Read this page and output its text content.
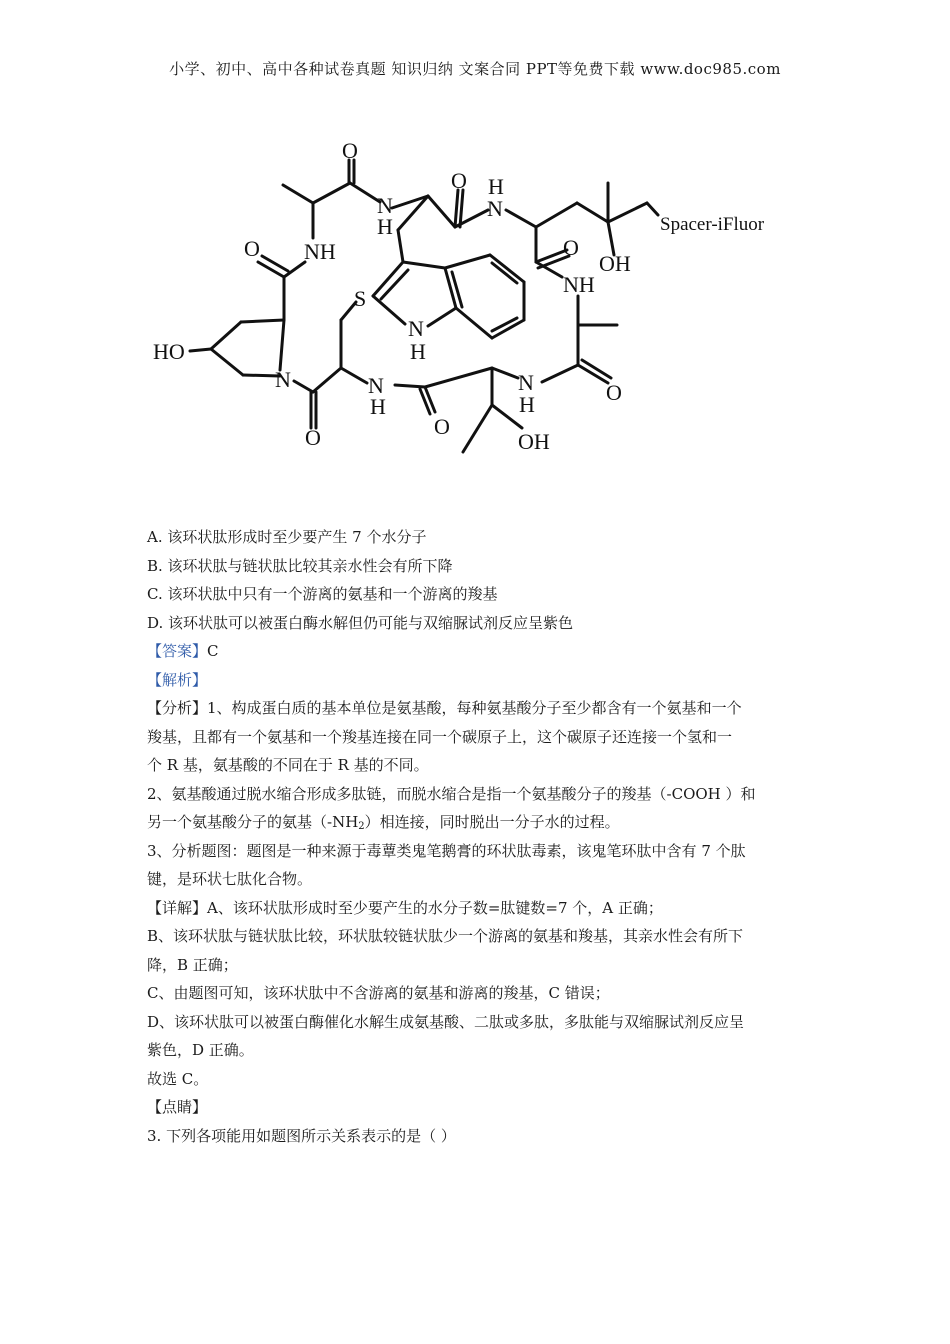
小学、初中、高中各种试卷真题 知识归纳 文案合同 PPT等免费下载 www.doc985.com
O
O H
N
N
H
O NH
Spacer-iFluor
OH
O
NH
S
N
H
HO
N	N
H
N
H	O
O
O	OH
A. 该环状肽形成时至少要产生 7 个水分子
B. 该环状肽与链状肽比较其亲水性会有所下降
C. 该环状肽中只有一个游离的氨基和一个游离的羧基
D. 该环状肽可以被蛋白酶水解但仍可能与双缩脲试剂反应呈紫色
【答案】C
【解析】
【分析】1、构成蛋白质的基本单位是氨基酸，每种氨基酸分子至少都含有一个氨基和一个
羧基，且都有一个氨基和一个羧基连接在同一个碳原子上，这个碳原子还连接一个氢和一
个 R 基，氨基酸的不同在于 R 基的不同。
2、氨基酸通过脱水缩合形成多肽链，而脱水缩合是指一个氨基酸分子的羧基（-COOH ）和
另一个氨基酸分子的氨基$(-NH_2)$相连接，同时脱出一分子水的过程。
3、分析题图：题图是一种来源于毒蕈类鬼笔鹅膏的环状肽毒素，该鬼笔环肽中含有 7 个肽
键，是环状七肽化合物。
【详解】A、该环状肽形成时至少要产生的水分子数=肽键数=7 个，A 正确；
B、该环状肽与链状肽比较，环状肽较链状肽少一个游离的氨基和羧基，其亲水性会有所下
降，B 正确；
C、由题图可知，该环状肽中不含游离的氨基和游离的羧基，C 错误；
D、该环状肽可以被蛋白酶催化水解生成氨基酸、二肽或多肽，多肽能与双缩脲试剂反应呈
紫色，D 正确。
故选 C。
【点睛】
3. 下列各项能用如题图所示关系表示的是（ ）
